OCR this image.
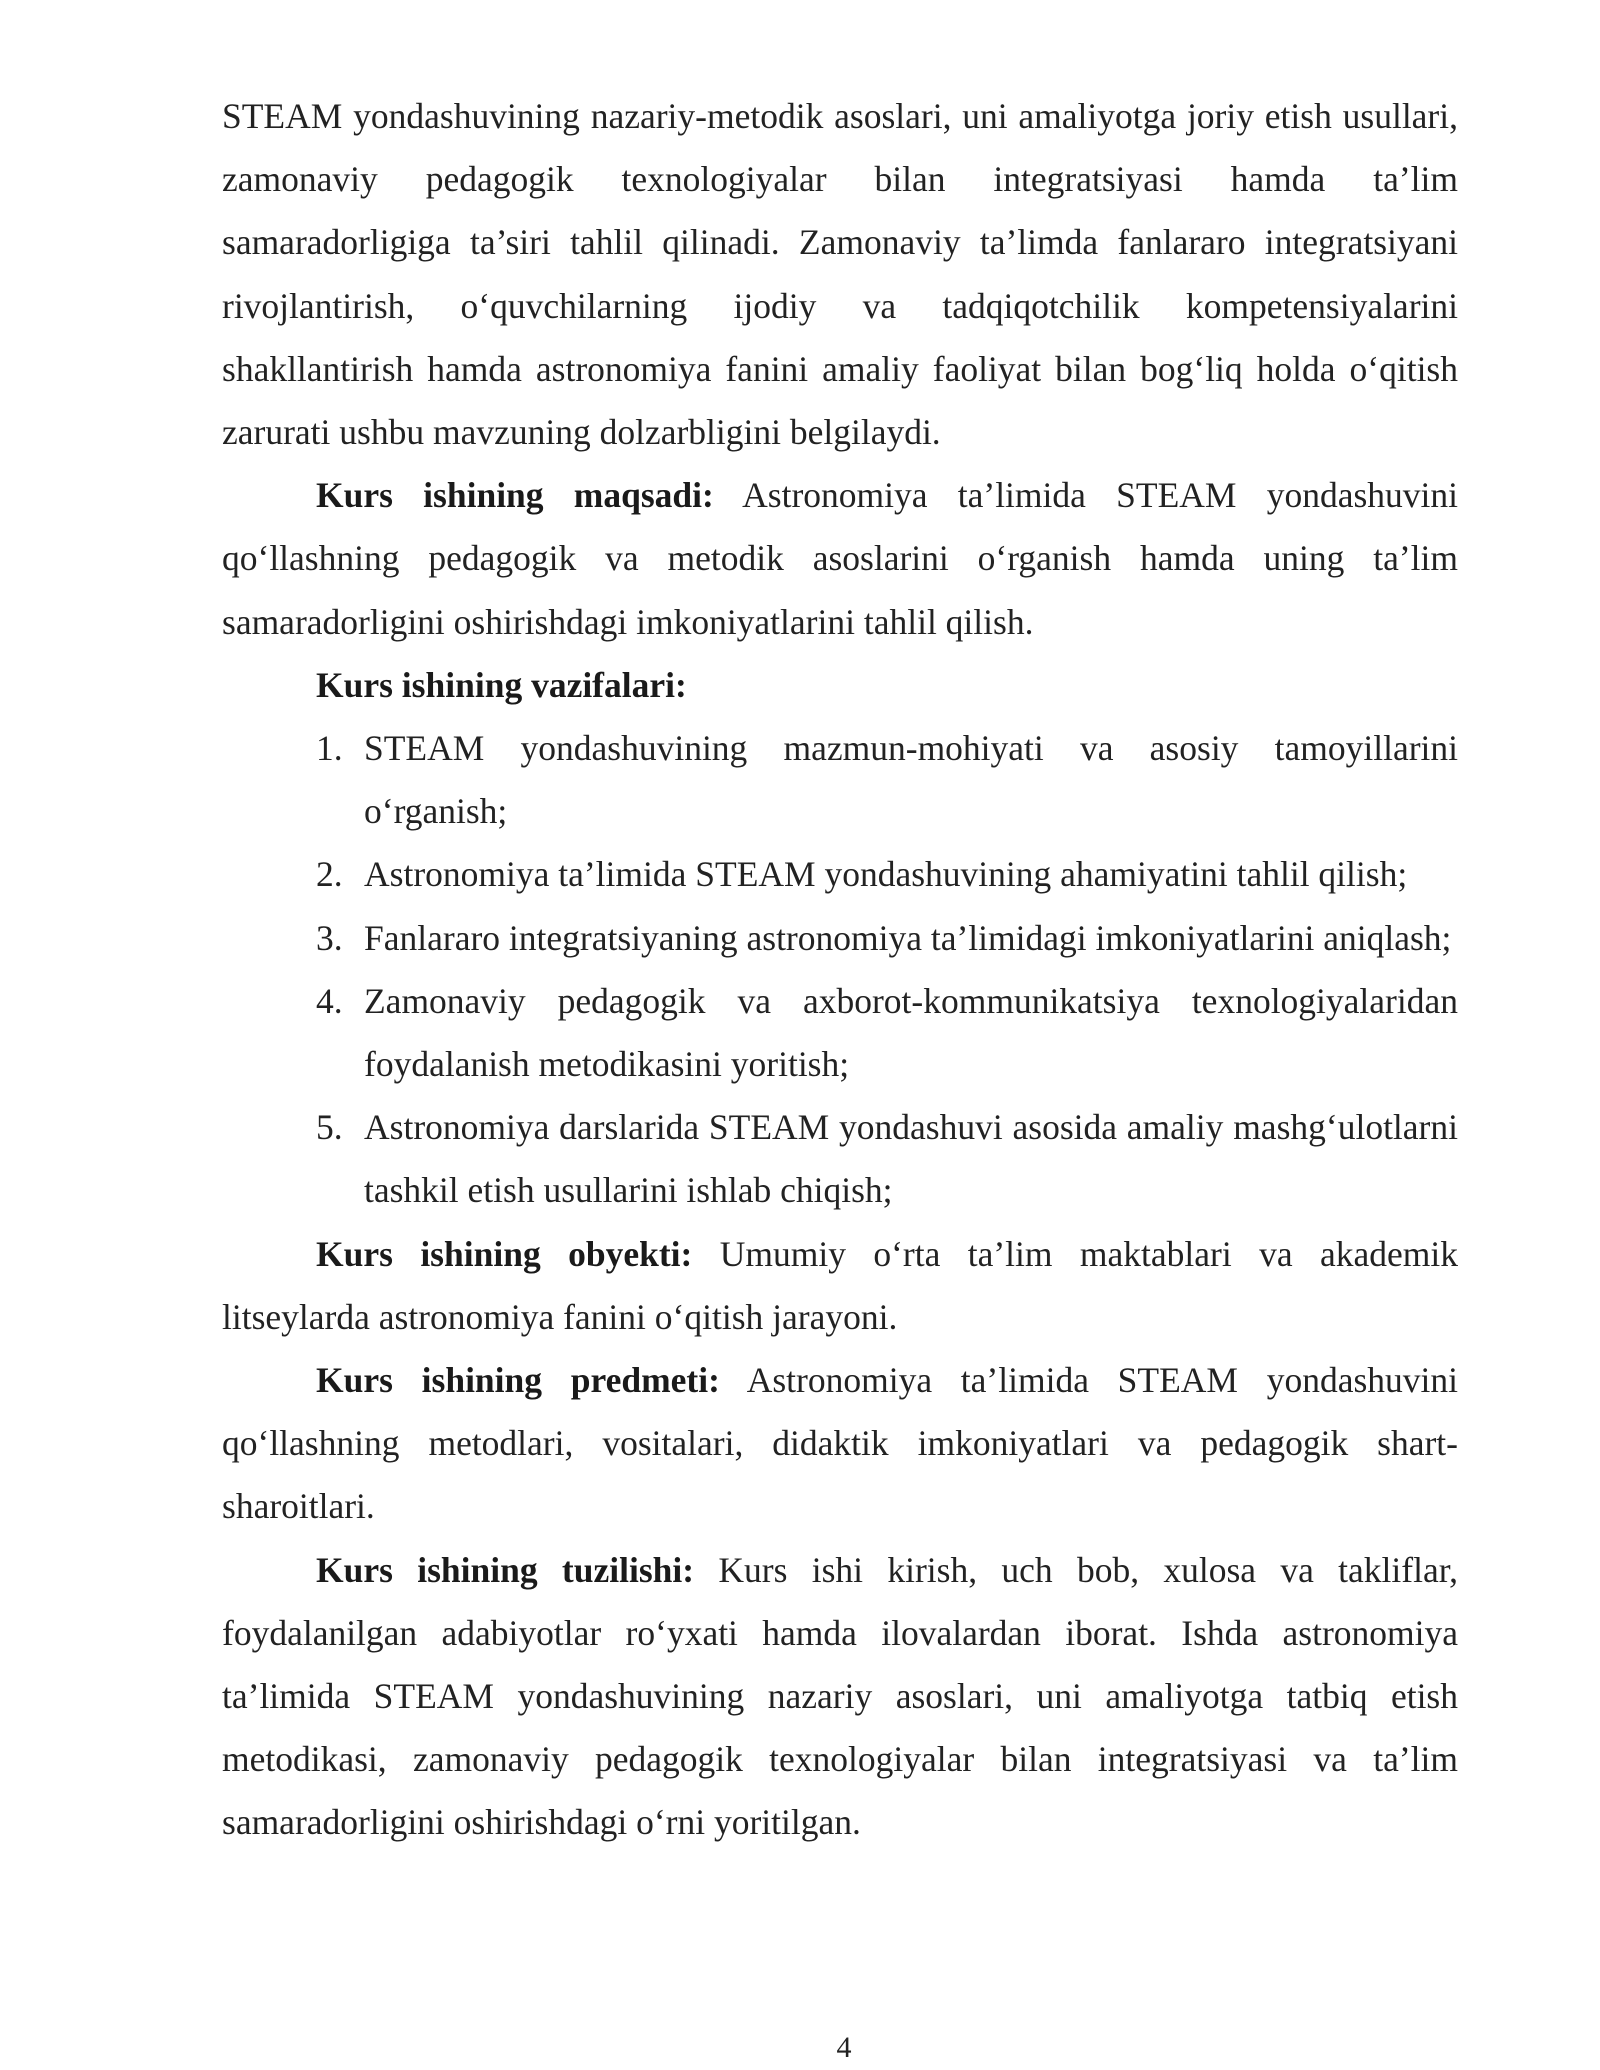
STEAM yondashuvining nazariy-metodik asoslari, uni amaliyotga joriy etish usullari, zamonaviy pedagogik texnologiyalar bilan integratsiyasi hamda ta’lim samaradorligiga ta’siri tahlil qilinadi. Zamonaviy ta’limda fanlararo integratsiyani rivojlantirish, o‘quvchilarning ijodiy va tadqiqotchilik kompetensiyalarini shakllantirish hamda astronomiya fanini amaliy faoliyat bilan bog‘liq holda o‘qitish zarurati ushbu mavzuning dolzarbligini belgilaydi.

Kurs ishining maqsadi: Astronomiya ta’limida STEAM yondashuvini qo‘llashning pedagogik va metodik asoslarini o‘rganish hamda uning ta’lim samaradorligini oshirishdagi imkoniyatlarini tahlil qilish.

Kurs ishining vazifalari:

1. STEAM yondashuvining mazmun-mohiyati va asosiy tamoyillarini o‘rganish;
2. Astronomiya ta’limida STEAM yondashuvining ahamiyatini tahlil qilish;
3. Fanlararo integratsiyaning astronomiya ta’limidagi imkoniyatlarini aniqlash;
4. Zamonaviy pedagogik va axborot-kommunikatsiya texnologiyalaridan foydalanish metodikasini yoritish;
5. Astronomiya darslarida STEAM yondashuvi asosida amaliy mashg‘ulotlarni tashkil etish usullarini ishlab chiqish;

Kurs ishining obyekti: Umumiy o‘rta ta’lim maktablari va akademik litseylarda astronomiya fanini o‘qitish jarayoni.

Kurs ishining predmeti: Astronomiya ta’limida STEAM yondashuvini qo‘llashning metodlari, vositalari, didaktik imkoniyatlari va pedagogik shart-sharoitlari.

Kurs ishining tuzilishi: Kurs ishi kirish, uch bob, xulosa va takliflar, foydalanilgan adabiyotlar ro‘yxati hamda ilovalardan iborat. Ishda astronomiya ta’limida STEAM yondashuvining nazariy asoslari, uni amaliyotga tatbiq etish metodikasi, zamonaviy pedagogik texnologiyalar bilan integratsiyasi va ta’lim samaradorligini oshirishdagi o‘rni yoritilgan.

4
